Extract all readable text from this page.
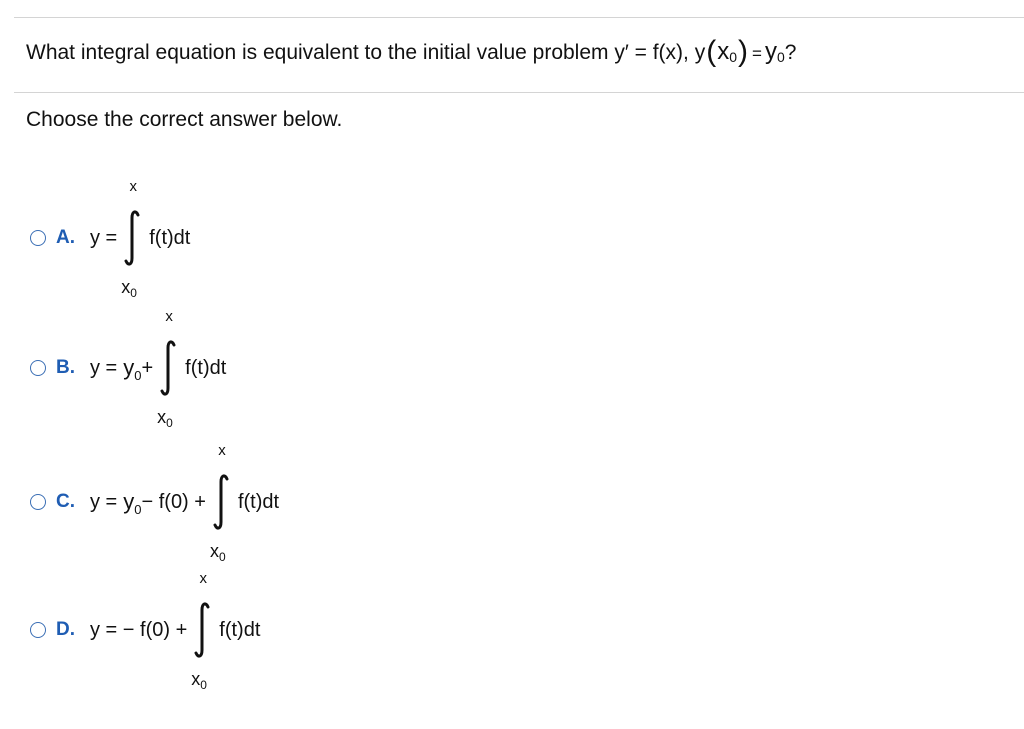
What integral equation is equivalent to the initial value problem y′ = f(x), y ( x 0 ) = y 0 ?
Choose the correct answer below.
A. y =
x
$x_0$
f(t)dt
B. $y = y_0$ +
x
$x_0$
f(t)dt
C. $y = y_0 - f(0)$ +
x
$x_0$
f(t)dt
D. y = − f(0) +
x
$x_0$
f(t)dt
